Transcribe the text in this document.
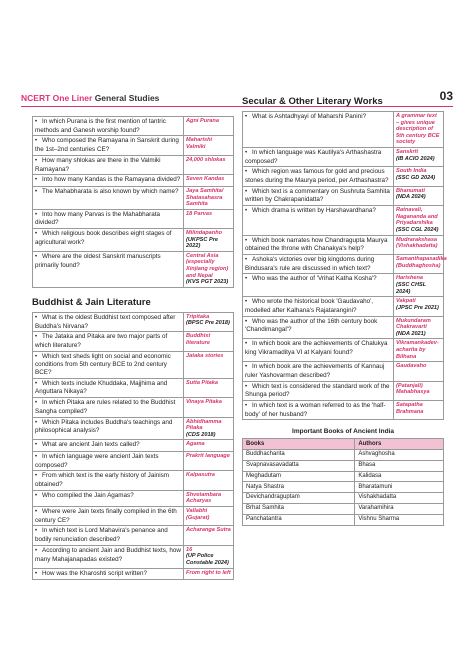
NCERT One Liner General Studies	03
• In which Purana is the first mention of tantric methods and Ganesh worship found?	Agni Purana
• Who composed the Ramayana in Sanskrit during the 1st–2nd centuries CE?	Maharishi Valmiki
• How many shlokas are there in the Valmiki Ramayana?	24,000 shlokas
• Into how many Kandas is the Ramayana divided?	Seven Kandas
• The Mahabharata is also known by which name?	Jaya Samhita/ Shatasahasra Samhita
• Into how many Parvas is the Mahabharata divided?	18 Parvas
• Which religious book describes eight stages of agricultural work?	Milindapanho
(UKPSC Pre 2022)
• Where are the oldest Sanskrit manuscripts primarily found?	Central Asia (especially Xinjiang region) and Nepal
(KVS PGT 2023)
Buddhist & Jain Literature
• What is the oldest Buddhist text composed after Buddha's Nirvana?	Tripitaka
(BPSC Pre 2018)
• The Jataka and Pitaka are two major parts of which literature?	Buddhist literature
• Which text sheds light on social and economic conditions from 5th century BCE to 2nd century BCE?	Jataka stories
• Which texts include Khuddaka, Majjhima and Anguttara Nikaya?	Sutta Pitaka
• In which Pitaka are rules related to the Buddhist Sangha compiled?	Vinaya Pitaka
• Which Pitaka includes Buddha's teachings and philosophical analysis?	Abhidhamma Pitaka
(CDS 2018)
• What are ancient Jain texts called?	Agama
• In which language were ancient Jain texts composed?	Prakrit language
• From which text is the early history of Jainism obtained?	Kalpasutra
• Who compiled the Jain Agamas?	Shvetambara Acharyas
• Where were Jain texts finally compiled in the 6th century CE?	Vallabhi (Gujarat)
• In which text is Lord Mahavira's penance and bodily renunciation described?	Acharanga Sutra
• According to ancient Jain and Buddhist texts, how many Mahajanapadas existed?	16
(UP Police Constable 2024)
• How was the Kharoshti script written?	From right to left
Secular & Other Literary Works
• What is Ashtadhyayi of Maharshi Panini?	A grammar text – gives unique description of 5th century BCE society
• In which language was Kautilya's Arthashastra composed?	Sanskrit
(IB ACIO 2024)
• Which region was famous for gold and precious stones during the Maurya period, per Arthashastra?	South India
(SSC GD 2024)
• Which text is a commentary on Sushruta Samhita written by Chakrapanidatta?	Bhanumati
(NDA 2024)
• Which drama is written by Harshavardhana?	Ratnavali, Nagananda and Priyadarshika
(SSC CGL 2024)
• Which book narrates how Chandragupta Maurya obtained the throne with Chanakya's help?	Mudrarakshasa (Vishakhadatta)
• Ashoka's victories over big kingdoms during Bindusara's rule are discussed in which text?	Samanthapasadika (Buddhaghosha)
• Who was the author of 'Vrihat Katha Kosha'?	Harishena
(SSC CHSL 2024)
• Who wrote the historical book 'Gaudavaho', modelled after Kalhana's Rajatarangini?	Vakpati
(JPSC Pre 2021)
• Who was the author of the 16th century book 'Chandimangal'?	Mukundaram Chakravarti
(NDA 2021)
• In which book are the achievements of Chalukya king Vikramaditya VI at Kalyani found?	Vikramankadev-acharita by Bilhana
• In which book are the achievements of Kannauj ruler Yashovarman described?	Gaudavaho
• Which text is considered the standard work of the Shunga period?	(Patanjali) Mahabhasya
• In which text is a woman referred to as the 'half-body' of her husband?	Satapatha Brahmana
Important Books of Ancient India
Books	Authors
Buddhacharita	Ashvaghosha
Svapnavasavadatta	Bhasa
Meghadutam	Kalidasa
Natya Shastra	Bharatamuni
Devichandraguptam	Vishakhadatta
Brhat Samhita	Varahamihira
Panchatantra	Vishnu Sharma
